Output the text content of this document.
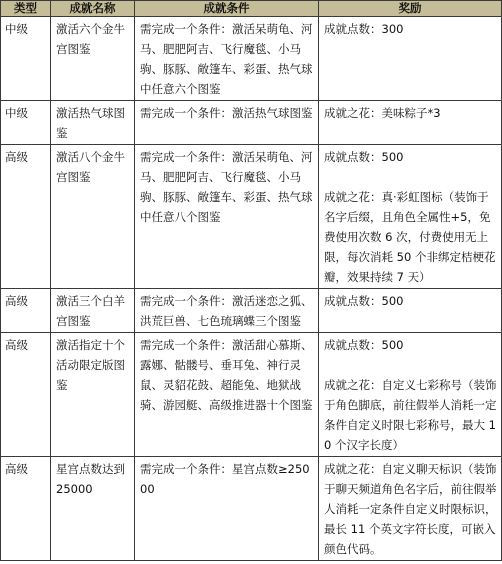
类型	成就名称	成就条件	奖励
中级	激活六个金牛宫图鉴	需完成一个条件：激活呆萌龟、河马、肥肥阿吉、飞行魔毯、小马驹、豚豚、敞篷车、彩蛋、热气球中任意六个图鉴	成就点数：300

中级	激活热气球图鉴	需完成一个条件：激活热气球图鉴	成就之花：美味粽子*3

高级	激活八个金牛宫图鉴	需完成一个条件：激活呆萌龟、河马、肥肥阿吉、飞行魔毯、小马驹、豚豚、敞篷车、彩蛋、热气球中任意八个图鉴	成就点数：500
成就之花：真·彩虹图标（装饰于名字后缀，且角色全属性+5，免费使用次数 6 次，付费使用无上限，每次消耗 50 个非绑定桔梗花瓣，效果持续 7 天）

高级	激活三个白羊宫图鉴	需完成一个条件：激活迷恋之狐、洪荒巨兽、七色琉璃蝶三个图鉴	成就点数：500

高级	激活指定十个活动限定版图鉴	需完成一个条件：激活甜心慕斯、露娜、骷髅号、垂耳兔、神行灵鼠、灵貂花鼓、超能兔、地狱战骑、游园艇、高级推进器十个图鉴	成就点数：500
成就之花：自定义七彩称号（装饰于角色脚底，前往假举人消耗一定条件自定义时限七彩称号，最大 10 个汉字长度）

高级	星宫点数达到 25000	需完成一个条件：星宫点数≥25000	成就之花：自定义聊天标识（装饰于聊天频道角色名字后，前往假举人消耗一定条件自定义时限标识，最长 11 个英文字符长度，可嵌入颜色代码。
